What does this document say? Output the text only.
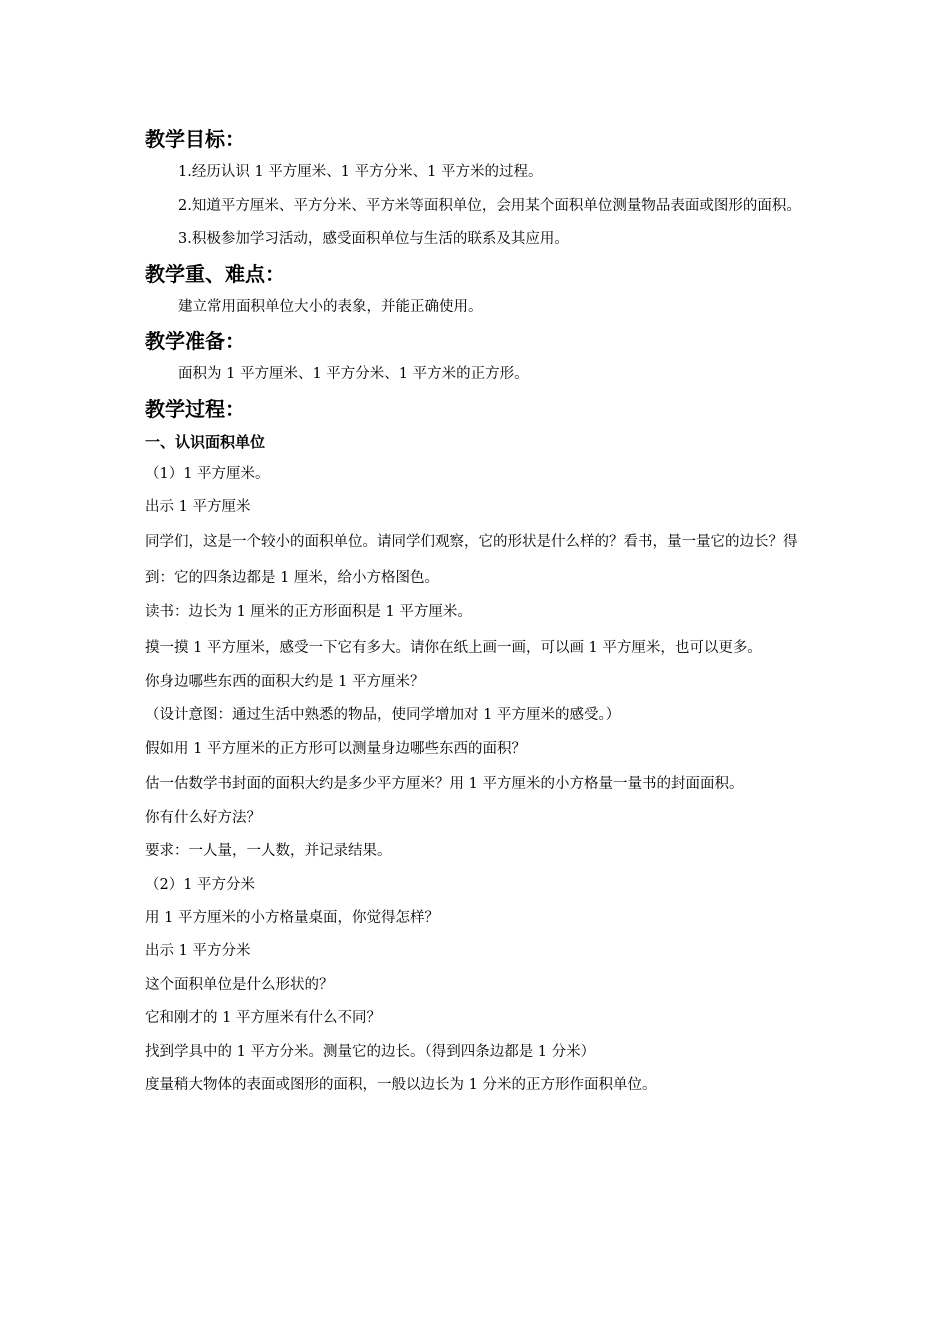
教学目标：
1.经历认识 1 平方厘米、1 平方分米、1 平方米的过程。

2.知道平方厘米、平方分米、平方米等面积单位，会用某个面积单位测量物品表面或图形的面积。

3.积极参加学习活动，感受面积单位与生活的联系及其应用。
教学重、难点：
建立常用面积单位大小的表象，并能正确使用。
教学准备：
面积为 1 平方厘米、1 平方分米、1 平方米的正方形。
教学过程：
一、认识面积单位
（1）1 平方厘米。
出示 1 平方厘米

同学们，这是一个较小的面积单位。请同学们观察，它的形状是什么样的？看书，量一量它的边长？得到：它的四条边都是 1 厘米，给小方格图色。

读书：边长为 1 厘米的正方形面积是 1 平方厘米。

摸一摸 1 平方厘米，感受一下它有多大。请你在纸上画一画，可以画 1 平方厘米，也可以更多。

你身边哪些东西的面积大约是 1 平方厘米？
（设计意图：通过生活中熟悉的物品，使同学增加对 1 平方厘米的感受。）
假如用 1 平方厘米的正方形可以测量身边哪些东西的面积？

估一估数学书封面的面积大约是多少平方厘米？用 1 平方厘米的小方格量一量书的封面面积。

你有什么好方法？
要求：一人量，一人数，并记录结果。
（2）1 平方分米
用 1 平方厘米的小方格量桌面，你觉得怎样？
出示 1 平方分米
这个面积单位是什么形状的？
它和刚才的 1 平方厘米有什么不同？
找到学具中的 1 平方分米。测量它的边长。（得到四条边都是 1 分米）
度量稍大物体的表面或图形的面积，一般以边长为 1 分米的正方形作面积单位。
